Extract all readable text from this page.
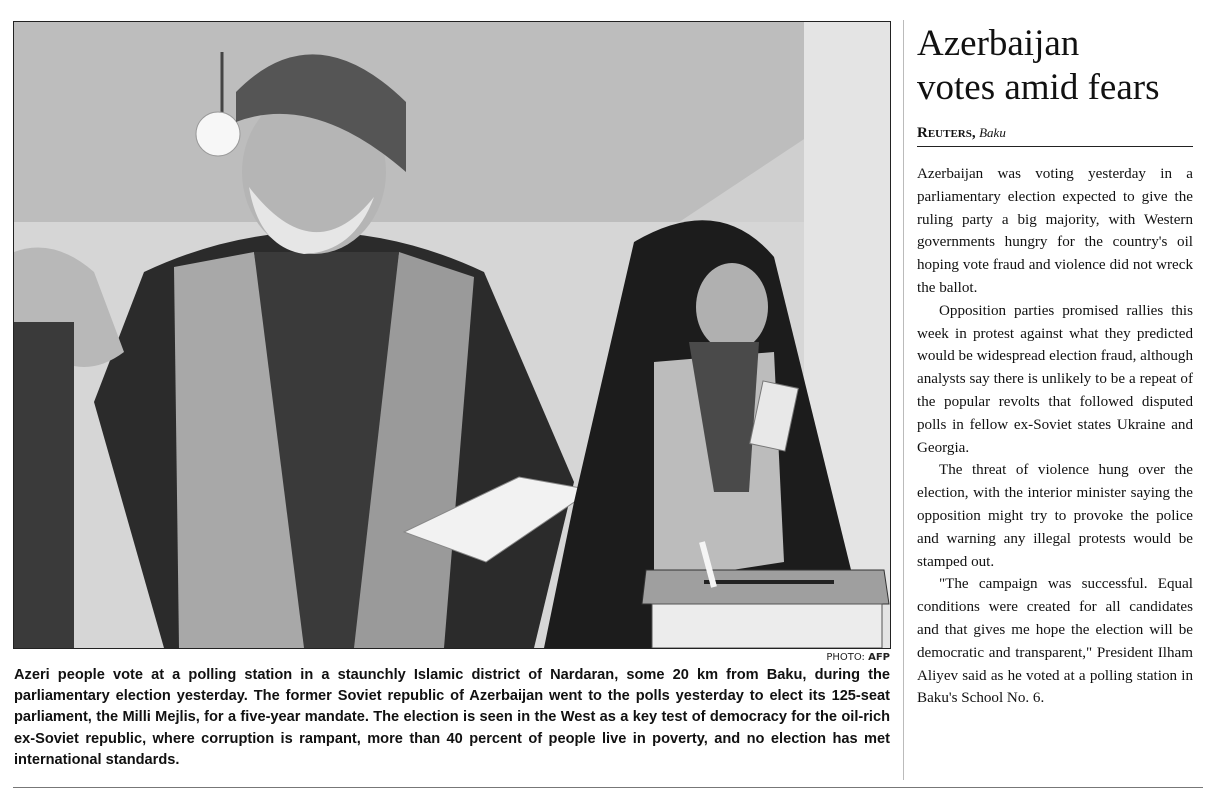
PHOTO: AFP
Azeri people vote at a polling station in a staunchly Islamic district of Nardaran, some 20 km from Baku, during the parliamentary election yesterday. The former Soviet republic of Azerbaijan went to the polls yesterday to elect its 125-seat parliament, the Milli Mejlis, for a five-year mandate. The election is seen in the West as a key test of democracy for the oil-rich ex-Soviet republic, where corruption is rampant, more than 40 percent of people live in poverty, and no election has met international standards.
Azerbaijan
votes amid fears
Reuters, Baku

Azerbaijan was voting yesterday in a parliamentary election expected to give the ruling party a big majority, with Western governments hungry for the country's oil hoping vote fraud and violence did not wreck the ballot.

Opposition parties promised rallies this week in protest against what they predicted would be widespread election fraud, although analysts say there is unlikely to be a repeat of the popular revolts that followed disputed polls in fellow ex-Soviet states Ukraine and Georgia.

The threat of violence hung over the election, with the interior minister saying the opposition might try to provoke the police and warning any illegal protests would be stamped out.

"The campaign was successful. Equal conditions were created for all candidates and that gives me hope the election will be democratic and transparent," President Ilham Aliyev said as he voted at a polling station in Baku's School No. 6.
